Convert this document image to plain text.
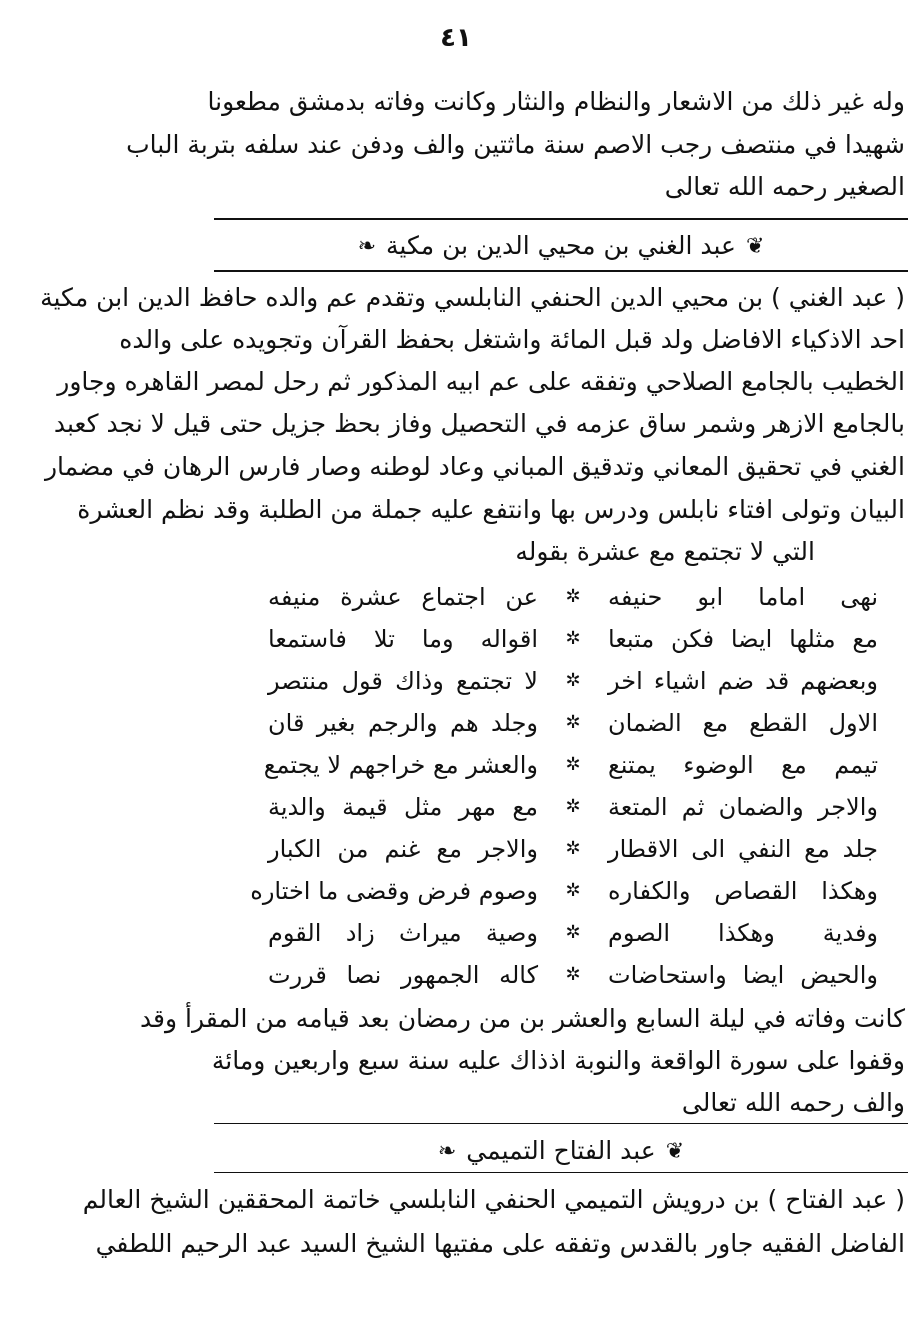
٤١
وله غير ذلك من الاشعار والنظام والنثار وكانت وفاته بدمشق مطعونا
شهيدا في منتصف رجب الاصم سنة ماثتين والف ودفن عند سلفه بتربة الباب
الصغير رحمه الله تعالى
❦عبد الغني بن محيي الدين بن مكية❧
( عبد الغني ) بن محيي الدين الحنفي النابلسي وتقدم عم والده حافظ الدين ابن مكية
احد الاذكياء الافاضل ولد قبل المائة واشتغل بحفظ القرآن وتجويده على والده
الخطيب بالجامع الصلاحي وتفقه على عم ابيه المذكور ثم رحل لمصر القاهره وجاور
بالجامع الازهر وشمر ساق عزمه في التحصيل وفاز بحظ جزيل حتى قيل لا نجد كعبد
الغني في تحقيق المعاني وتدقيق المباني وعاد لوطنه وصار فارس الرهان في مضمار
البيان وتولى افتاء نابلس ودرس بها وانتفع عليه جملة من الطلبة وقد نظم العشرة
التي لا تجتمع مع عشرة بقوله
نهى اماما ابو حنيفه
✲
عن اجتماع عشرة منيفه
مع مثلها ايضا فكن متبعا
✲
اقواله وما تلا فاستمعا
وبعضهم قد ضم اشياء اخر
✲
لا تجتمع وذاك قول منتصر
الاول القطع مع الضمان
✲
وجلد هم والرجم بغير قان
تيمم مع الوضوء يمتنع
✲
والعشر مع خراجهم لا يجتمع
والاجر والضمان ثم المتعة
✲
مع مهر مثل قيمة والدية
جلد مع النفي الى الاقطار
✲
والاجر مع غنم من الكبار
وهكذا القصاص والكفاره
✲
وصوم فرض وقضى ما اختاره
وفدية وهكذا الصوم
✲
وصية ميراث زاد القوم
والحيض ايضا واستحاضات
✲
كاله الجمهور نصا قررت
كانت وفاته في ليلة السابع والعشر بن من رمضان بعد قيامه من المقرأ وقد
وقفوا على سورة الواقعة والنوبة اذذاك عليه سنة سبع واربعين ومائة
والف رحمه الله تعالى
❦عبد الفتاح التميمي❧
( عبد الفتاح ) بن درويش التميمي الحنفي النابلسي خاتمة المحققين الشيخ العالم
الفاضل الفقيه جاور بالقدس وتفقه على مفتيها الشيخ السيد عبد الرحيم اللطفي
